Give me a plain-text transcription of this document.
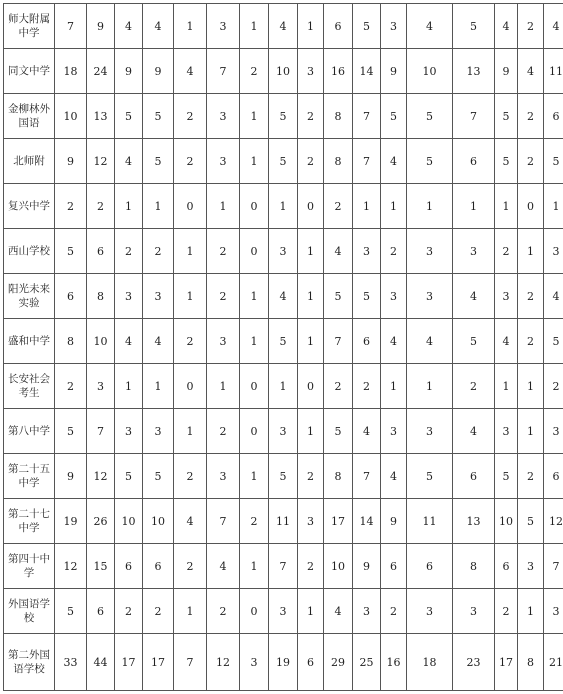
师大附属中学	7	9	4	4	1	3	1	4	1	6	5	3	4	5	4	2	4
同文中学	18	24	9	9	4	7	2	10	3	16	14	9	10	13	9	4	11
金柳林外国语	10	13	5	5	2	3	1	5	2	8	7	5	5	7	5	2	6
北师附	9	12	4	5	2	3	1	5	2	8	7	4	5	6	5	2	5
复兴中学	2	2	1	1	0	1	0	1	0	2	1	1	1	1	1	0	1
西山学校	5	6	2	2	1	2	0	3	1	4	3	2	3	3	2	1	3
阳光未来实验	6	8	3	3	1	2	1	4	1	5	5	3	3	4	3	2	4
盛和中学	8	10	4	4	2	3	1	5	1	7	6	4	4	5	4	2	5
长安社会考生	2	3	1	1	0	1	0	1	0	2	2	1	1	2	1	1	2
第八中学	5	7	3	3	1	2	0	3	1	5	4	3	3	4	3	1	3
第二十五中学	9	12	5	5	2	3	1	5	2	8	7	4	5	6	5	2	6
第二十七中学	19	26	10	10	4	7	2	11	3	17	14	9	11	13	10	5	12
第四十中学	12	15	6	6	2	4	1	7	2	10	9	6	6	8	6	3	7
外国语学校	5	6	2	2	1	2	0	3	1	4	3	2	3	3	2	1	3
第二外国语学校	33	44	17	17	7	12	3	19	6	29	25	16	18	23	17	8	21
